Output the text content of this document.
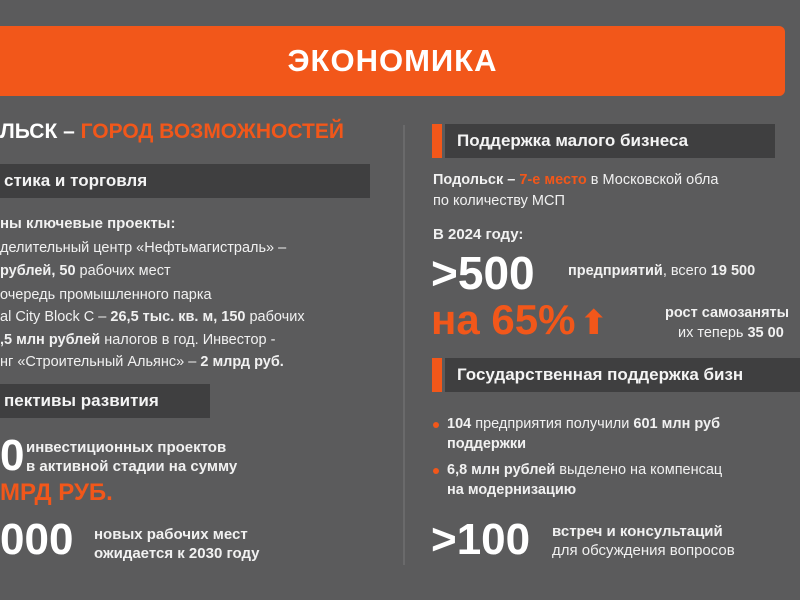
ЭКОНОМИКА
ЛЬСК – ГОРОД ВОЗМОЖНОСТЕЙ
стика и торговля
ны ключевые проекты:
делительный центр «Нефтьмагистраль» –
рублей, 50 рабочих мест
очередь промышленного парка
al City Block C – 26,5 тыс. кв. м, 150 рабочих
,5 млн рублей налогов в год. Инвестор -
нг «Строительный Альянс» – 2 млрд руб.
пективы развития
0 инвестиционных проектов
в активной стадии на сумму
МРД РУБ.
000 новых рабочих мест
ожидается к 2030 году
Поддержка малого бизнеса
Подольск – 7-е место в Московской обла
по количеству МСП
В 2024 году:
>500 предприятий, всего 19 500
на 65% ⬆	рост самозаняты
их теперь 35 00
Государственная поддержка бизн
104 предприятия получили 601 млн руб
поддержки
6,8 млн рублей выделено на компенсац
на модернизацию
>100 встреч и консультаций
для обсуждения вопросов
